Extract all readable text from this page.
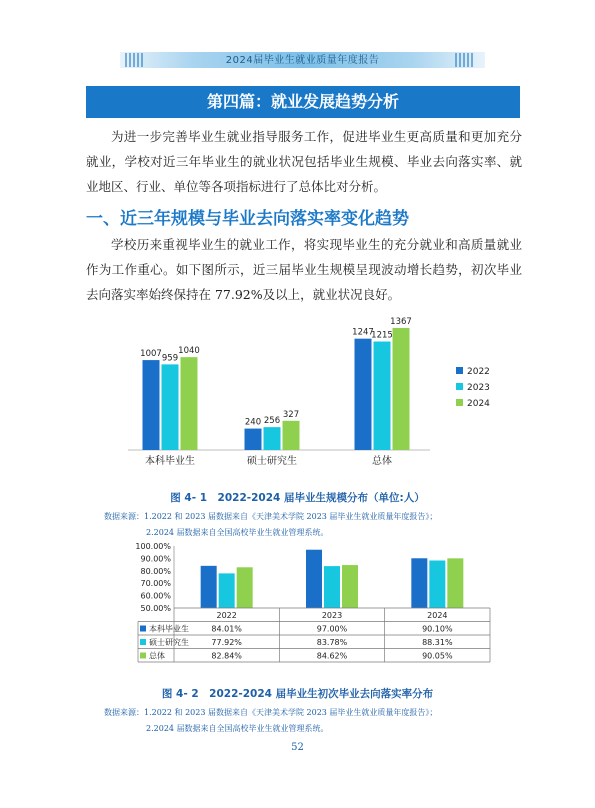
2024届毕业生就业质量年度报告
第四篇：就业发展趋势分析

为进一步完善毕业生就业指导服务工作，促进毕业生更高质量和更加充分就业，学校对近三年毕业生的就业状况包括毕业生规模、毕业去向落实率、就业地区、行业、单位等各项指标进行了总体比对分析。

一、近三年规模与毕业去向落实率变化趋势

学校历来重视毕业生的就业工作，将实现毕业生的充分就业和高质量就业作为工作重心。如下图所示，近三届毕业生规模呈现波动增长趋势，初次毕业去向落实率始终保持在 77.92%及以上，就业状况良好。

1007 959
1040
本科毕业生
240 256
327
硕士研究生
1247
1215
1367
总体
2022
2023
2024
图 4- 1　2022-2024 届毕业生规模分布（单位:人）
数据来源：1.2022 和 2023 届数据来自《天津美术学院 2023 届毕业生就业质量年度报告》；
2.2024 届数据来自全国高校毕业生就业管理系统。
100.00%
90.00%
80.00%
70.00%
60.00%
50.00%
2022	2023	2024
本科毕业生	84.01%	97.00%	90.10%
硕士研究生	77.92%	83.78%	88.31%
总体	82.84%	84.62%	90.05%
图 4- 2　2022-2024 届毕业生初次毕业去向落实率分布
数据来源：1.2022 和 2023 届数据来自《天津美术学院 2023 届毕业生就业质量年度报告》；
2.2024 届数据来自全国高校毕业生就业管理系统。
52
